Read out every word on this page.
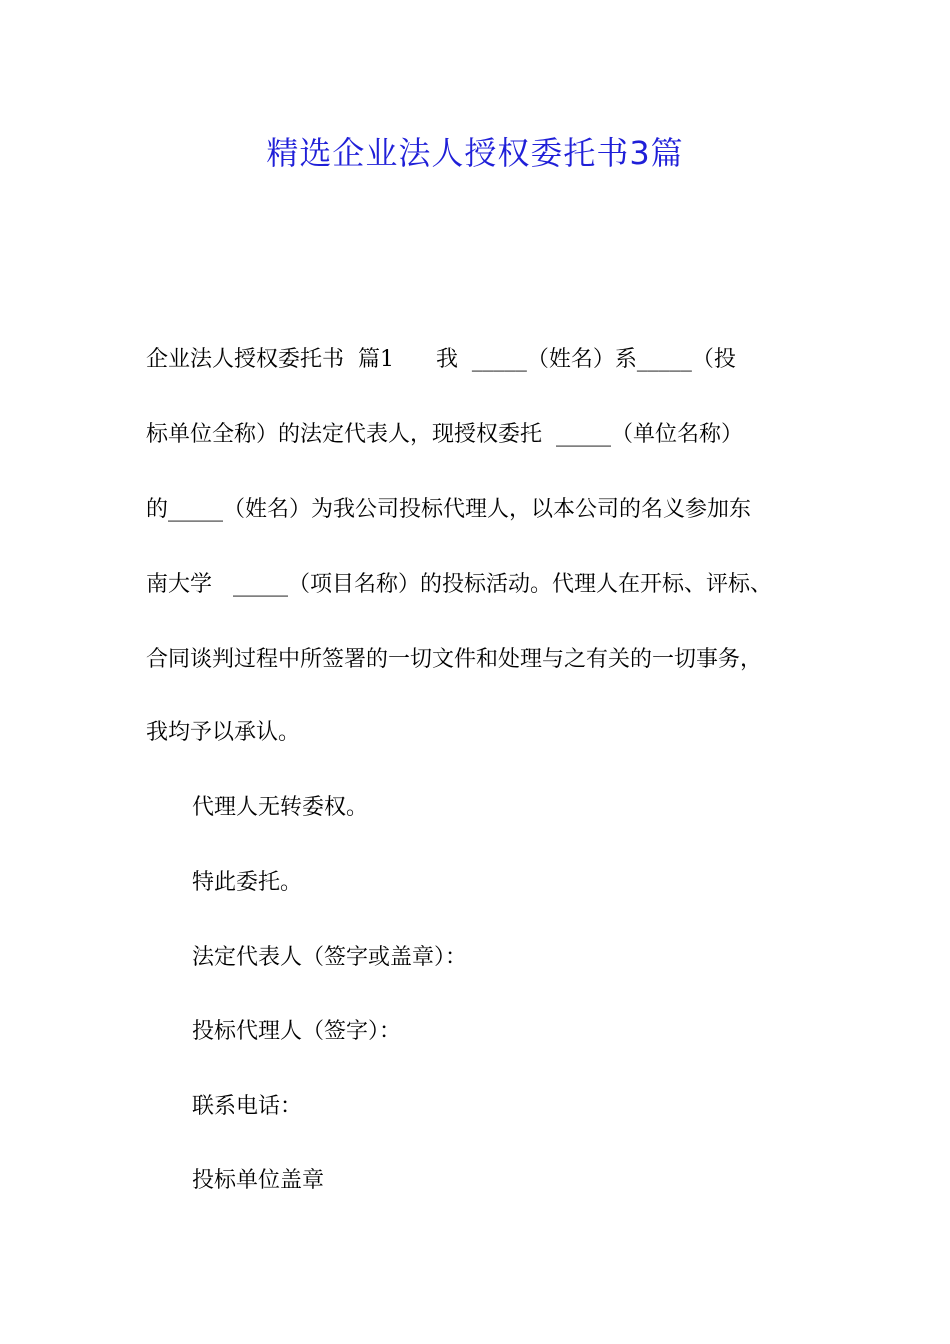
精选企业法人授权委托书3篇
企业法人授权委托书  篇1      我  _____（姓名）系_____（投
标单位全称）的法定代表人，现授权委托  _____（单位名称）
的_____（姓名）为我公司投标代理人，以本公司的名义参加东
南大学   _____（项目名称）的投标活动。代理人在开标、评标、
合同谈判过程中所签署的一切文件和处理与之有关的一切事务，
我均予以承认。
代理人无转委权。
特此委托。
法定代表人（签字或盖章）：
投标代理人（签字）：
联系电话：
投标单位盖章
